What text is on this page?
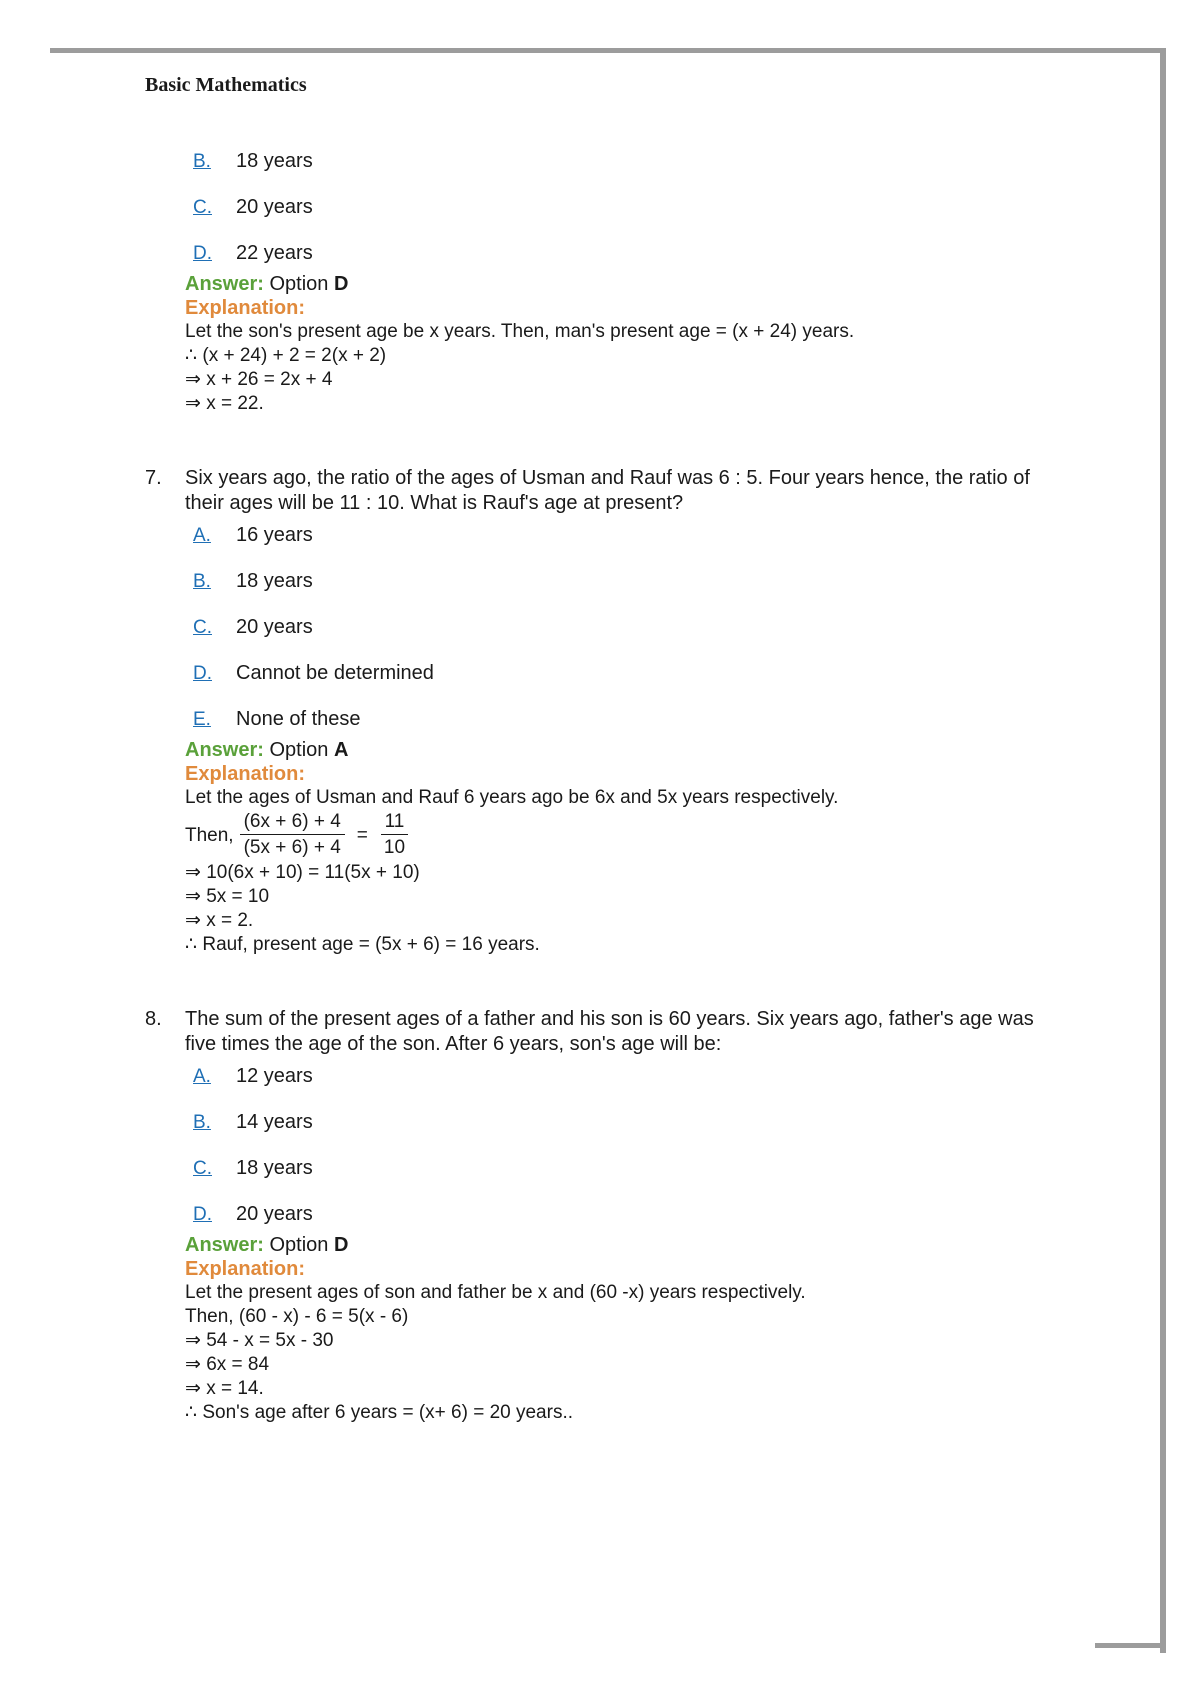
Basic Mathematics
B.	18 years
C.	20 years
D.	22 years
Answer: Option D
Explanation:
Let the son's present age be x years. Then, man's present age = (x + 24) years.
∴ (x + 24) + 2 = 2(x + 2)
⇒ x + 26 = 2x + 4
⇒ x = 22.
7.	Six years ago, the ratio of the ages of Usman and Rauf was 6 : 5. Four years hence, the ratio of their ages will be 11 : 10. What is Rauf's age at present?
A.	16 years
B.	18 years
C.	20 years
D.	Cannot be determined
E.	None of these
Answer: Option A
Explanation:
Let the ages of Usman and Rauf 6 years ago be 6x and 5x years respectively.
Then, $\frac{(6x + 6) + 4}{(5x + 6) + 4} = \frac{11}{10}$
⇒ 10(6x + 10) = 11(5x + 10)
⇒ 5x = 10
⇒ x = 2.
∴ Rauf, present age = (5x + 6) = 16 years.
8.	The sum of the present ages of a father and his son is 60 years. Six years ago, father's age was five times the age of the son. After 6 years, son's age will be:
A.	12 years
B.	14 years
C.	18 years
D.	20 years
Answer: Option D
Explanation:
Let the present ages of son and father be x and (60 -x) years respectively.
Then, (60 - x) - 6 = 5(x - 6)
⇒ 54 - x = 5x - 30
⇒ 6x = 84
⇒ x = 14.
∴ Son's age after 6 years = (x+ 6) = 20 years..
